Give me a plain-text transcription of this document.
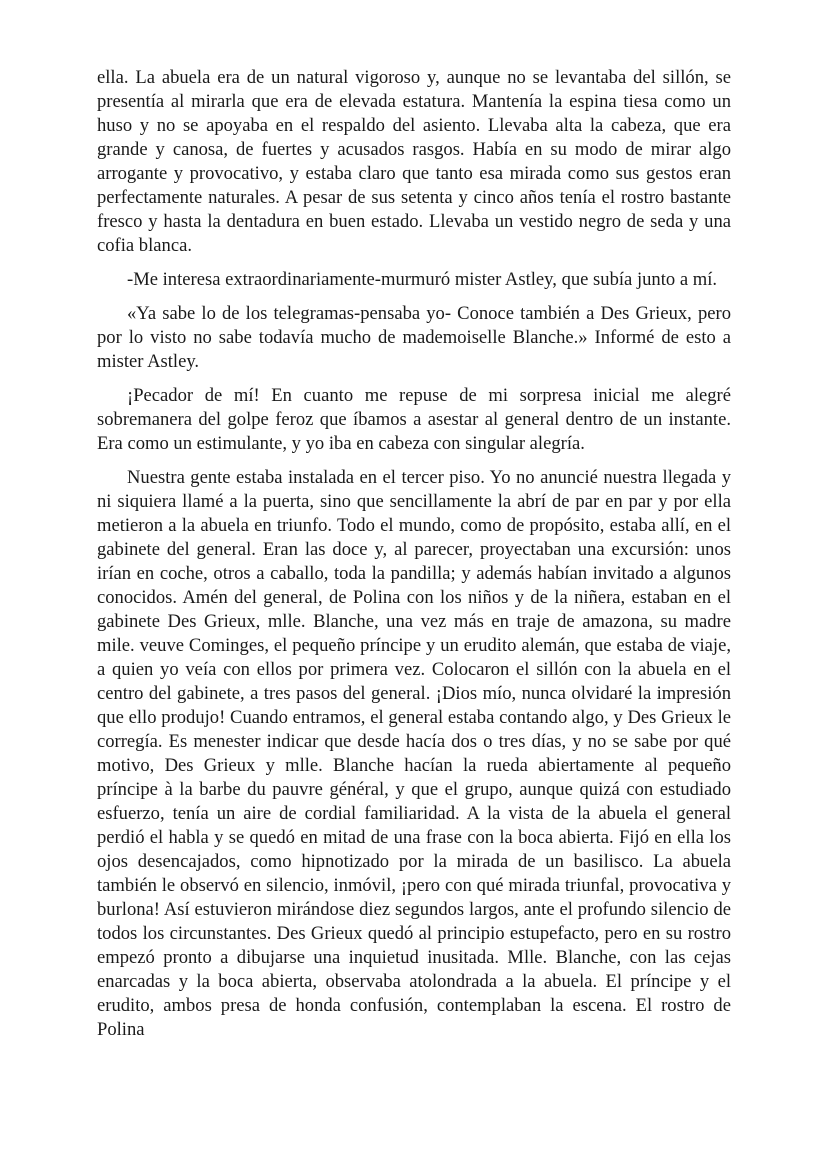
ella. La abuela era de un natural vigoroso y, aunque no se levantaba del sillón, se presentía al mirarla que era de elevada estatura. Mantenía la espina tiesa como un huso y no se apoyaba en el respaldo del asiento. Llevaba alta la cabeza, que era grande y canosa, de fuertes y acusados rasgos. Había en su modo de mirar algo arrogante y provocativo, y estaba claro que tanto esa mirada como sus gestos eran perfectamente naturales. A pesar de sus setenta y cinco años tenía el rostro bastante fresco y hasta la dentadura en buen estado. Llevaba un vestido negro de seda y una cofia blanca.

-Me interesa extraordinariamente-murmuró mister Astley, que subía junto a mí.

«Ya sabe lo de los telegramas-pensaba yo- Conoce también a Des Grieux, pero por lo visto no sabe todavía mucho de mademoiselle Blanche.» Informé de esto a mister Astley.

¡Pecador de mí! En cuanto me repuse de mi sorpresa inicial me alegré sobremanera del golpe feroz que íbamos a asestar al general dentro de un instante. Era como un estimulante, y yo iba en cabeza con singular alegría.

Nuestra gente estaba instalada en el tercer piso. Yo no anuncié nuestra llegada y ni siquiera llamé a la puerta, sino que sencillamente la abrí de par en par y por ella metieron a la abuela en triunfo. Todo el mundo, como de propósito, estaba allí, en el gabinete del general. Eran las doce y, al parecer, proyectaban una excursión: unos irían en coche, otros a caballo, toda la pandilla; y además habían invitado a algunos conocidos. Amén del general, de Polina con los niños y de la niñera, estaban en el gabinete Des Grieux, mlle. Blanche, una vez más en traje de amazona, su madre mile. veuve Cominges, el pequeño príncipe y un erudito alemán, que estaba de viaje, a quien yo veía con ellos por primera vez. Colocaron el sillón con la abuela en el centro del gabinete, a tres pasos del general. ¡Dios mío, nunca olvidaré la impresión que ello produjo! Cuando entramos, el general estaba contando algo, y Des Grieux le corregía. Es menester indicar que desde hacía dos o tres días, y no se sabe por qué motivo, Des Grieux y mlle. Blanche hacían la rueda abiertamente al pequeño príncipe à la barbe du pauvre général, y que el grupo, aunque quizá con estudiado esfuerzo, tenía un aire de cordial familiaridad. A la vista de la abuela el general perdió el habla y se quedó en mitad de una frase con la boca abierta. Fijó en ella los ojos desencajados, como hipnotizado por la mirada de un basilisco. La abuela también le observó en silencio, inmóvil, ¡pero con qué mirada triunfal, provocativa y burlona! Así estuvieron mirándose diez segundos largos, ante el profundo silencio de todos los circunstantes. Des Grieux quedó al principio estupefacto, pero en su rostro empezó pronto a dibujarse una inquietud inusitada. Mlle. Blanche, con las cejas enarcadas y la boca abierta, observaba atolondrada a la abuela. El príncipe y el erudito, ambos presa de honda confusión, contemplaban la escena. El rostro de Polina
